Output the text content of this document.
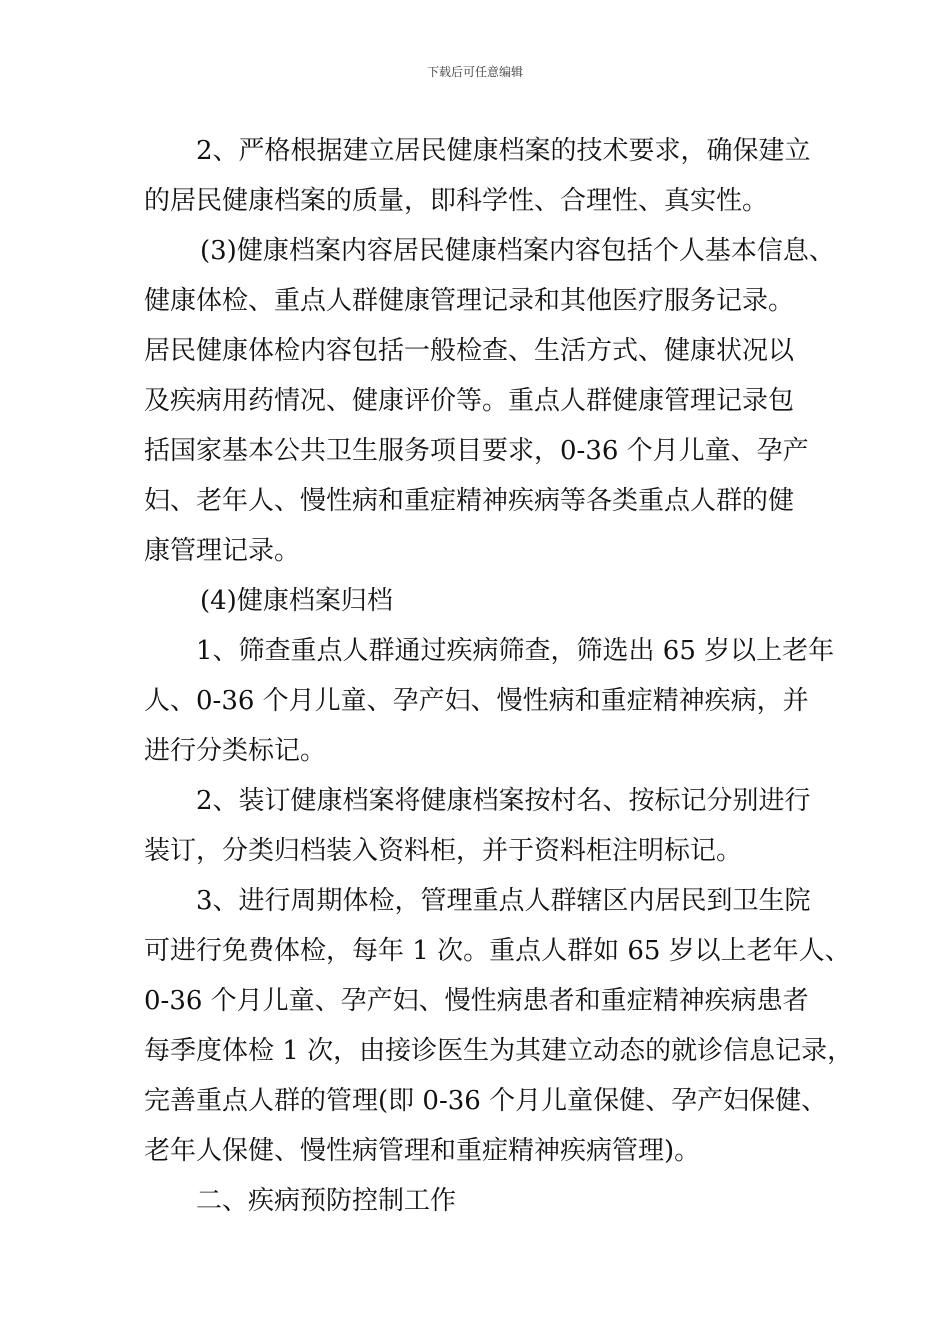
下载后可任意编辑
2、严格根据建立居民健康档案的技术要求，确保建立
的居民健康档案的质量，即科学性、合理性、真实性。
(3)健康档案内容居民健康档案内容包括个人基本信息、
健康体检、重点人群健康管理记录和其他医疗服务记录。
居民健康体检内容包括一般检查、生活方式、健康状况以
及疾病用药情况、健康评价等。重点人群健康管理记录包
括国家基本公共卫生服务项目要求，0-36 个月儿童、孕产
妇、老年人、慢性病和重症精神疾病等各类重点人群的健
康管理记录。
(4)健康档案归档
1、筛查重点人群通过疾病筛查，筛选出 65 岁以上老年
人、0-36 个月儿童、孕产妇、慢性病和重症精神疾病，并
进行分类标记。
2、装订健康档案将健康档案按村名、按标记分别进行
装订，分类归档装入资料柜，并于资料柜注明标记。
3、进行周期体检，管理重点人群辖区内居民到卫生院
可进行免费体检，每年 1 次。重点人群如 65 岁以上老年人、
0-36 个月儿童、孕产妇、慢性病患者和重症精神疾病患者
每季度体检 1 次，由接诊医生为其建立动态的就诊信息记录，
完善重点人群的管理(即 0-36 个月儿童保健、孕产妇保健、
老年人保健、慢性病管理和重症精神疾病管理)。
二、疾病预防控制工作
